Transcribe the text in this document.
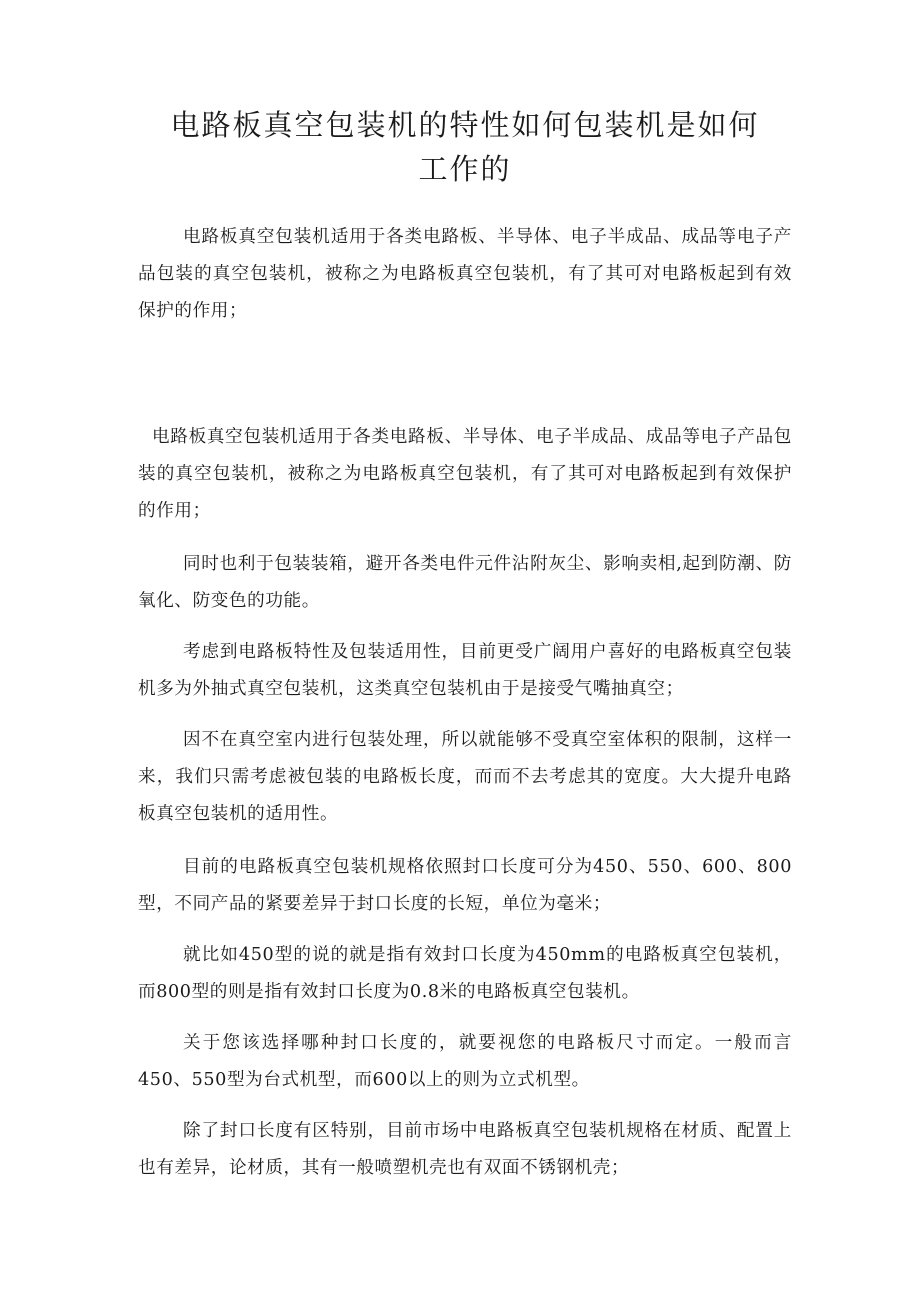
电路板真空包装机的特性如何包装机是如何
工作的

电路板真空包装机适用于各类电路板、半导体、电子半成品、成品等电子产品包装的真空包装机，被称之为电路板真空包装机，有了其可对电路板起到有效保护的作用；

电路板真空包装机适用于各类电路板、半导体、电子半成品、成品等电子产品包装的真空包装机，被称之为电路板真空包装机，有了其可对电路板起到有效保护的作用；

同时也利于包装装箱，避开各类电件元件沾附灰尘、影响卖相,起到防潮、防氧化、防变色的功能。

考虑到电路板特性及包装适用性，目前更受广阔用户喜好的电路板真空包装机多为外抽式真空包装机，这类真空包装机由于是接受气嘴抽真空；

因不在真空室内进行包装处理，所以就能够不受真空室体积的限制，这样一来，我们只需考虑被包装的电路板长度，而而不去考虑其的宽度。大大提升电路板真空包装机的适用性。

目前的电路板真空包装机规格依照封口长度可分为450、550、600、800型，不同产品的紧要差异于封口长度的长短，单位为毫米；

就比如450型的说的就是指有效封口长度为450mm的电路板真空包装机，而800型的则是指有效封口长度为0.8米的电路板真空包装机。

关于您该选择哪种封口长度的，就要视您的电路板尺寸而定。一般而言450、550型为台式机型，而600以上的则为立式机型。

除了封口长度有区特别，目前市场中电路板真空包装机规格在材质、配置上也有差异，论材质，其有一般喷塑机壳也有双面不锈钢机壳；
